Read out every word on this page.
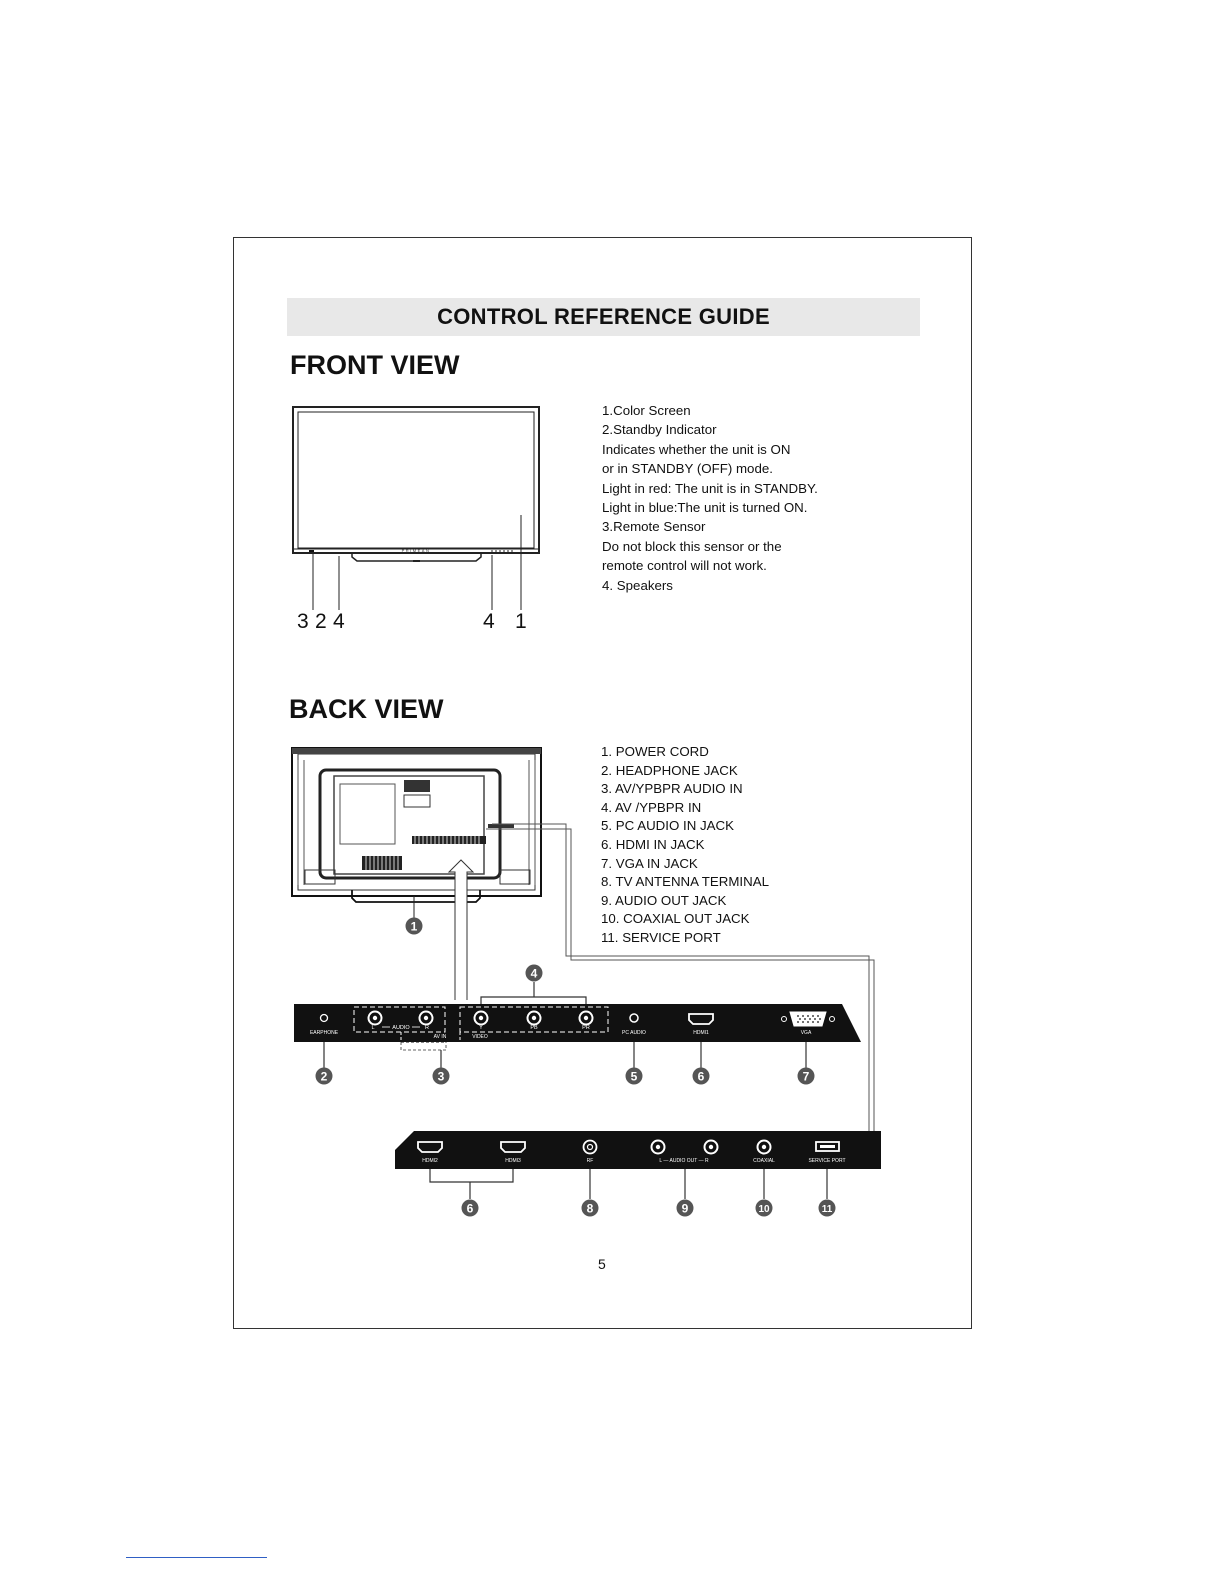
CONTROL REFERENCE GUIDE
FRONT VIEW
PRIMEAN
3 2 4	4 1
1.Color Screen
2.Standby Indicator
Indicates whether the unit is ON
or in STANDBY (OFF) mode.
Light in red: The unit is in STANDBY.
Light in blue:The unit is turned ON.
3.Remote Sensor
Do not block this sensor or the
remote control will not work.
4. Speakers
BACK VIEW
1. POWER CORD
2. HEADPHONE JACK
3. AV/YPBPR AUDIO IN
4. AV /YPBPR IN
5. PC AUDIO IN JACK
6. HDMI IN JACK
7. VGA IN JACK
8. TV ANTENNA TERMINAL
9. AUDIO OUT JACK
10. COAXIAL OUT JACK
11. SERVICE PORT
EARPHONE
L	AUDIO	R	Y	PB	PR
AV IN	VIDEO
PC AUDIO	HDMI1	VGA
HDMI2	HDMI3	RF	L — AUDIO OUT — R	COAXIAL	SERVICE PORT
1
4
2	3	5	6	7
6	8	9	10	11
5
